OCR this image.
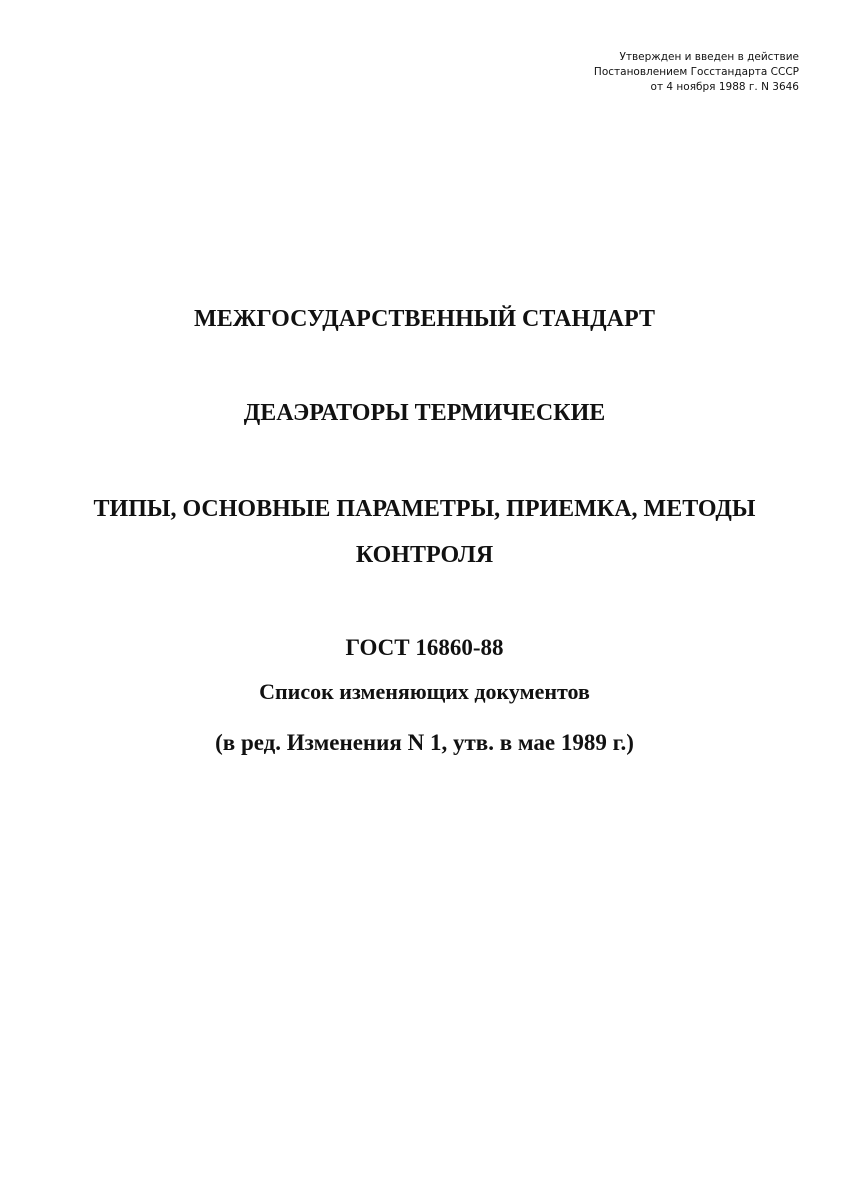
Утвержден и введен в действие
Постановлением Госстандарта СССР
от 4 ноября 1988 г. N 3646
МЕЖГОСУДАРСТВЕННЫЙ СТАНДАРТ
ДЕАЭРАТОРЫ ТЕРМИЧЕСКИЕ
ТИПЫ, ОСНОВНЫЕ ПАРАМЕТРЫ, ПРИЕМКА, МЕТОДЫ
КОНТРОЛЯ
ГОСТ 16860-88
Список изменяющих документов
(в ред. Изменения N 1, утв. в мае 1989 г.)
